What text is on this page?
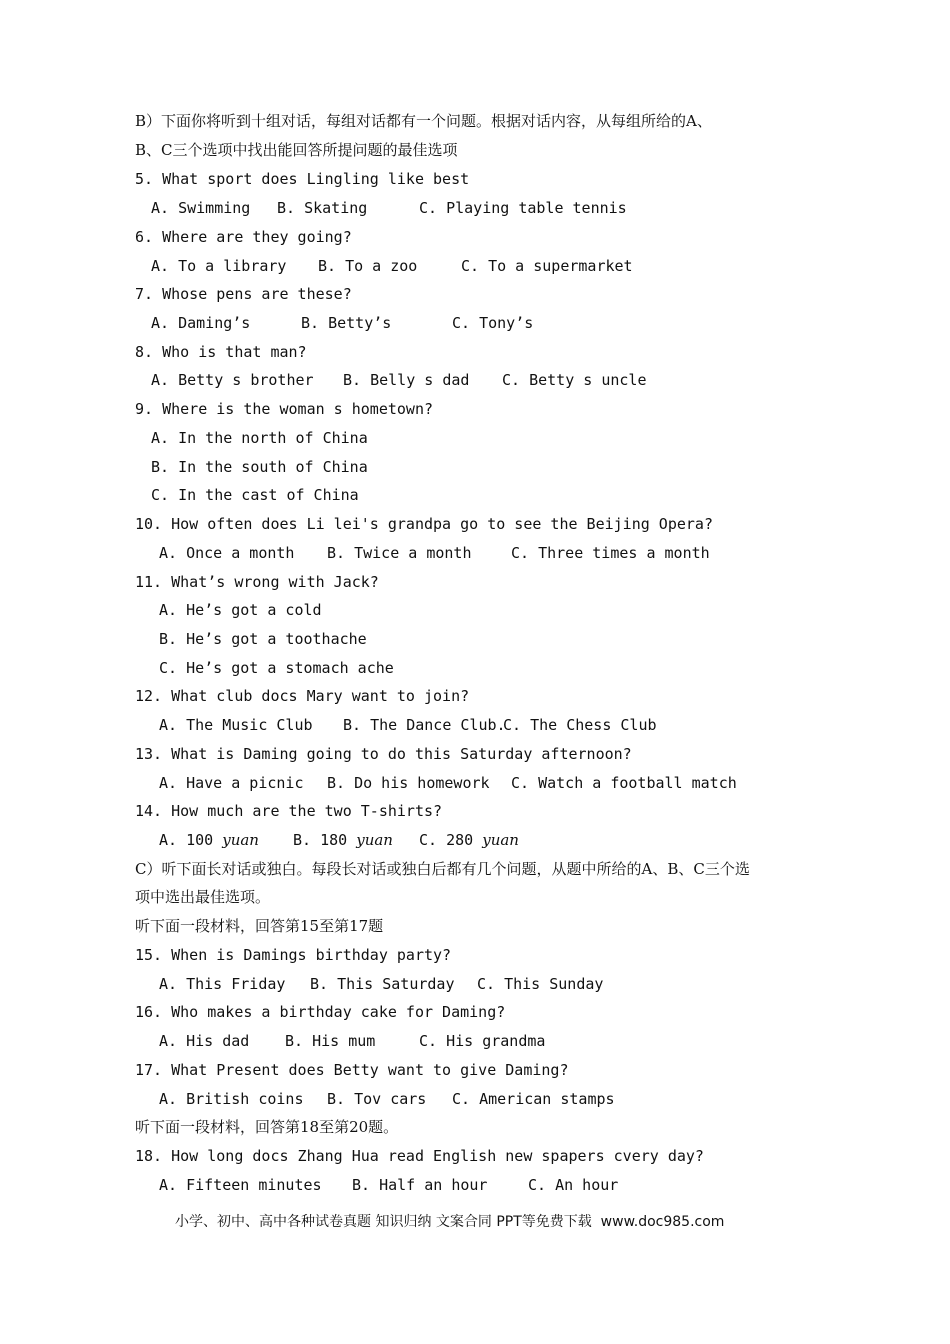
B）下面你将听到十组对话，每组对话都有一个问题。根据对话内容，从每组所给的A、
B、C三个选项中找出能回答所提问题的最佳选项
5. What sport does Lingling like best
A. Swimming B. Skating	C. Playing table tennis
6. Where are they going?
A. To a library B. To a zoo	C. To a supermarket
7. Whose pens are these?
A. Daming’s	B. Betty’s	C. Tony’s
8. Who is that man?
A. Betty s brother B. Belly s dad C. Betty s uncle
9. Where is the woman s hometown?
A. In the north of China
B. In the south of China
C. In the cast of China
10. How often does Li lei's grandpa go to see the Beijing Opera?
A. Once a month B. Twice a month	C. Three times a month
11. What’s wrong with Jack?
A. He’s got a cold
B. He’s got a toothache
C. He’s got a stomach ache
12. What club docs Mary want to join?
A. The Music Club B. The Dance Club.
C. The Chess Club
13. What is Daming going to do this Saturday afternoon?
A. Have a picnic B. Do his homework C. Watch a football match
14. How much are the two T-shirts?
A. 100 yuan B. 180 yuan C. 280 yuan
C）听下面长对话或独白。每段长对话或独白后都有几个问题，从题中所给的A、B、C三个选
项中选出最佳选项。
听下面一段材料，回答第15至第17题
15. When is Damings birthday party?
A. This Friday B. This Saturday C. This Sunday
16. Who makes a birthday cake for Daming?
A. His dad B. His mum	C. His grandma
17. What Present does Betty want to give Daming?
A. British coins B. Tov cars C. American stamps
听下面一段材料，回答第18至第20题。
18. How long docs Zhang Hua read English new spapers cvery day?
A. Fifteen minutes B. Half an hour	C. An hour
小学、初中、高中各种试卷真题 知识归纳 文案合同 PPT等免费下载  www.doc985.com
